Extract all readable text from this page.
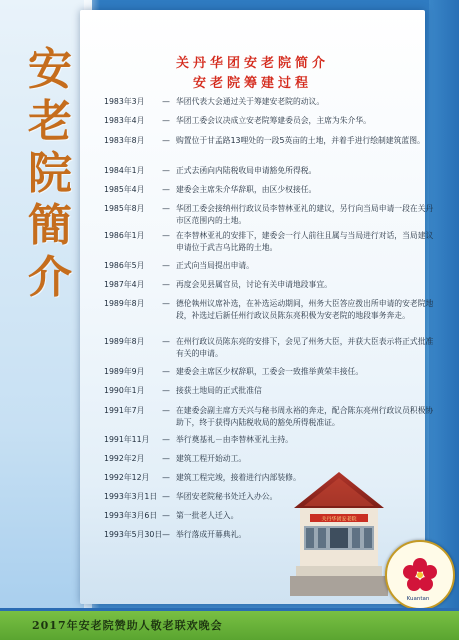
安
老
院
簡
介
关丹华团安老院简介
安老院筹建过程
1983年3月	— 华团代表大会通过关于筹建安老院的动议。
1983年4月	— 华团工委会议决成立安老院筹建委员会，主席为朱介华。
1983年8月	— 购置位于甘孟路13哩处的一段5英亩的土地，并着手进行绘制建筑蓝图。
1984年1月	— 正式去函向内陆税收局申请豁免所得税。
1985年4月	— 建委会主席朱介华辞职，由区少权接任。
1985年8月	— 华团工委会接纳州行政议员李替林亚礼的建议，另行向当局申请一段在关丹市区范围内的土地。
1986年1月	— 在李替林亚礼的安排下，建委会一行人前往且属与当局进行对话，当局建议申请位于武吉乌比路的土地。
1986年5月	— 正式向当局提出申请。
1987年4月	— 再度会见县属官员，讨论有关申请地段事宜。
1989年8月	— 德伦執州议席补选，在补选运动期间，州务大臣答应拨出所申请的安老院地段，补选过后新任州行政议员陈东亮积极为安老院的地段事务奔走。
1989年8月	— 在州行政议员陈东亮的安排下，会见了州务大臣，并获大臣表示将正式批准有关的申请。
1989年9月	— 建委会主席区少权辞职，工委会一致推举黄荣丰接任。
1990年1月	— 接获土地局的正式批准信
1991年7月	— 在建委会副主席方天兴与秘书周永裕的奔走，配合陈东亮州行政议员积极协助下，终于获得内陆税收局的豁免所得税准证。
1991年11月	— 举行奠基礼－由李替林亚礼主持。
1992年2月	— 建筑工程开始动工。
1992年12月	— 建筑工程完竣，接着进行内部装修。
1993年3月1日 — 华团安老院秘书处迁入办公。
1993年3月6日 — 第一批老人迁入。
1993年5月30日 — 举行落成开幕典礼。
关丹华团安老院
Kuantan
2017年安老院赞助人敬老联欢晚会
